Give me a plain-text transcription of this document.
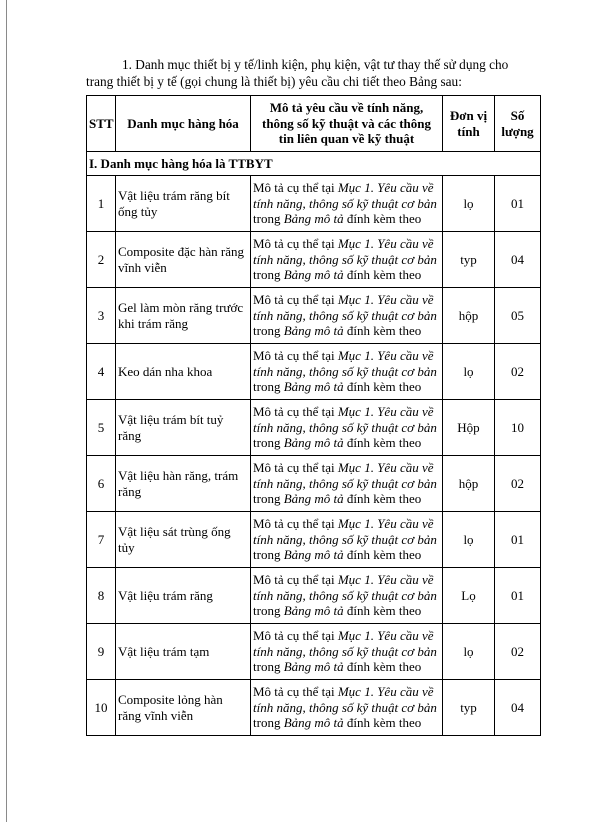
1. Danh mục thiết bị y tế/linh kiện, phụ kiện, vật tư thay thế sử dụng cho
trang thiết bị y tế (gọi chung là thiết bị) yêu cầu chi tiết theo Bảng sau:
STT	Danh mục hàng hóa	Mô tả yêu cầu về tính năng, thông số kỹ thuật và các thông tin liên quan về kỹ thuật	Đơn vị tính	Số lượng
I. Danh mục hàng hóa là TTBYT				
1	Vật liệu trám răng bít ống tủy	Mô tả cụ thể tại Mục 1. Yêu cầu về tính năng, thông số kỹ thuật cơ bản trong Bảng mô tả đính kèm theo	lọ	01
2	Composite đặc hàn răng vĩnh viễn	Mô tả cụ thể tại Mục 1. Yêu cầu về tính năng, thông số kỹ thuật cơ bản trong Bảng mô tả đính kèm theo	typ	04
3	Gel làm mòn răng trước khi trám răng	Mô tả cụ thể tại Mục 1. Yêu cầu về tính năng, thông số kỹ thuật cơ bản trong Bảng mô tả đính kèm theo	hộp	05
4	Keo dán nha khoa	Mô tả cụ thể tại Mục 1. Yêu cầu về tính năng, thông số kỹ thuật cơ bản trong Bảng mô tả đính kèm theo	lọ	02
5	Vật liệu trám bít tuỷ răng	Mô tả cụ thể tại Mục 1. Yêu cầu về tính năng, thông số kỹ thuật cơ bản trong Bảng mô tả đính kèm theo	Hộp	10
6	Vật liệu hàn răng, trám răng	Mô tả cụ thể tại Mục 1. Yêu cầu về tính năng, thông số kỹ thuật cơ bản trong Bảng mô tả đính kèm theo	hộp	02
7	Vật liệu sát trùng ống tủy	Mô tả cụ thể tại Mục 1. Yêu cầu về tính năng, thông số kỹ thuật cơ bản trong Bảng mô tả đính kèm theo	lọ	01
8	Vật liệu trám răng	Mô tả cụ thể tại Mục 1. Yêu cầu về tính năng, thông số kỹ thuật cơ bản trong Bảng mô tả đính kèm theo	Lọ	01
9	Vật liệu trám tạm	Mô tả cụ thể tại Mục 1. Yêu cầu về tính năng, thông số kỹ thuật cơ bản trong Bảng mô tả đính kèm theo	lọ	02
10	Composite lỏng hàn răng vĩnh viễn	Mô tả cụ thể tại Mục 1. Yêu cầu về tính năng, thông số kỹ thuật cơ bản trong Bảng mô tả đính kèm theo	typ	04
